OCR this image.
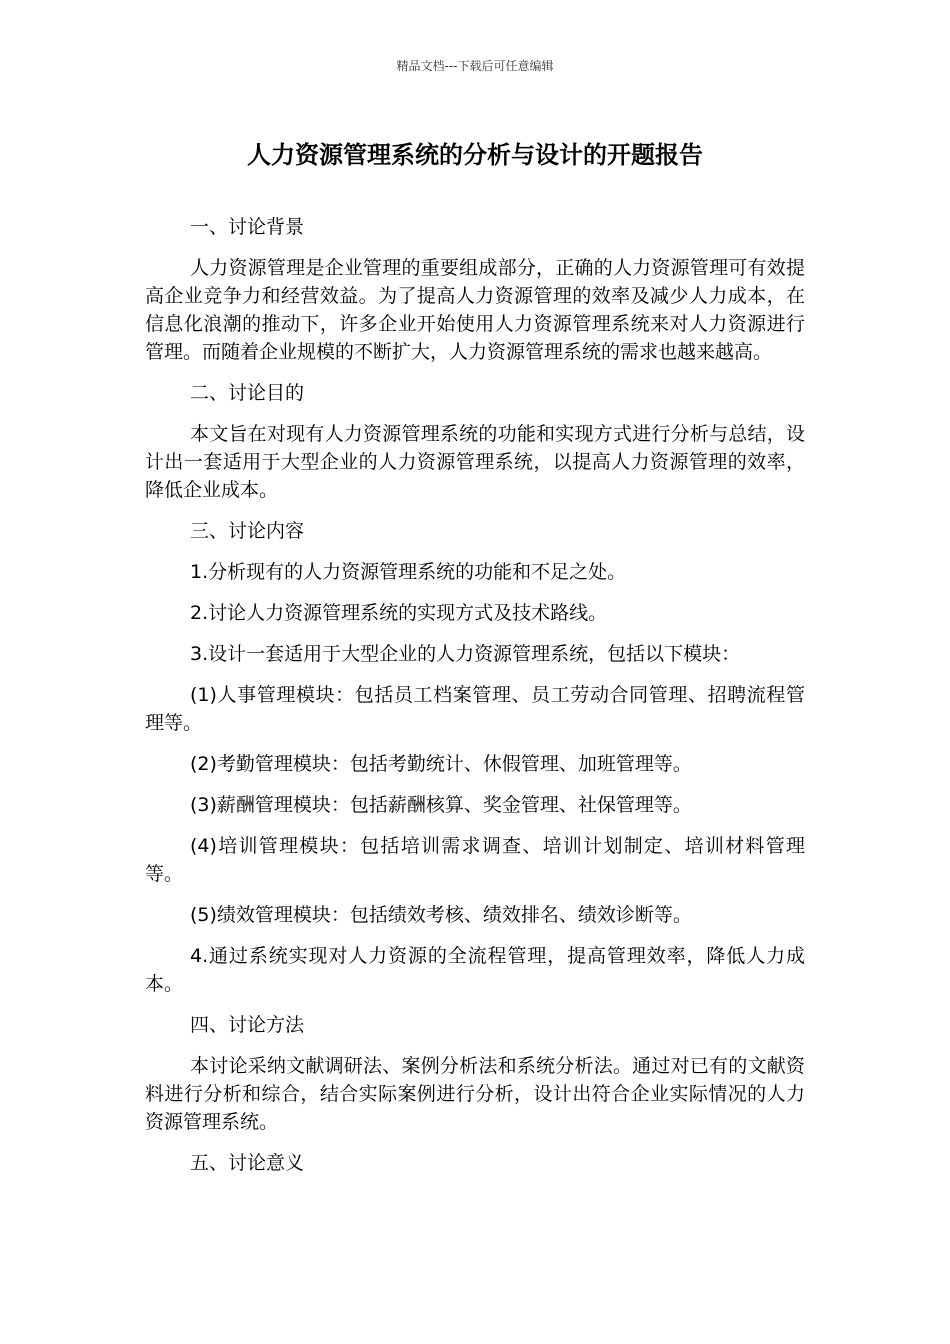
精品文档---下载后可任意编辑
人力资源管理系统的分析与设计的开题报告

一、讨论背景

人力资源管理是企业管理的重要组成部分，正确的人力资源管理可有效提高企业竞争力和经营效益。为了提高人力资源管理的效率及减少人力成本，在信息化浪潮的推动下，许多企业开始使用人力资源管理系统来对人力资源进行管理。而随着企业规模的不断扩大，人力资源管理系统的需求也越来越高。

二、讨论目的

本文旨在对现有人力资源管理系统的功能和实现方式进行分析与总结，设计出一套适用于大型企业的人力资源管理系统，以提高人力资源管理的效率，降低企业成本。

三、讨论内容

1.分析现有的人力资源管理系统的功能和不足之处。

2.讨论人力资源管理系统的实现方式及技术路线。

3.设计一套适用于大型企业的人力资源管理系统，包括以下模块：

(1)人事管理模块：包括员工档案管理、员工劳动合同管理、招聘流程管理等。

(2)考勤管理模块：包括考勤统计、休假管理、加班管理等。

(3)薪酬管理模块：包括薪酬核算、奖金管理、社保管理等。

(4)培训管理模块：包括培训需求调查、培训计划制定、培训材料管理等。

(5)绩效管理模块：包括绩效考核、绩效排名、绩效诊断等。

4.通过系统实现对人力资源的全流程管理，提高管理效率，降低人力成本。

四、讨论方法

本讨论采纳文献调研法、案例分析法和系统分析法。通过对已有的文献资料进行分析和综合，结合实际案例进行分析，设计出符合企业实际情况的人力资源管理系统。

五、讨论意义
